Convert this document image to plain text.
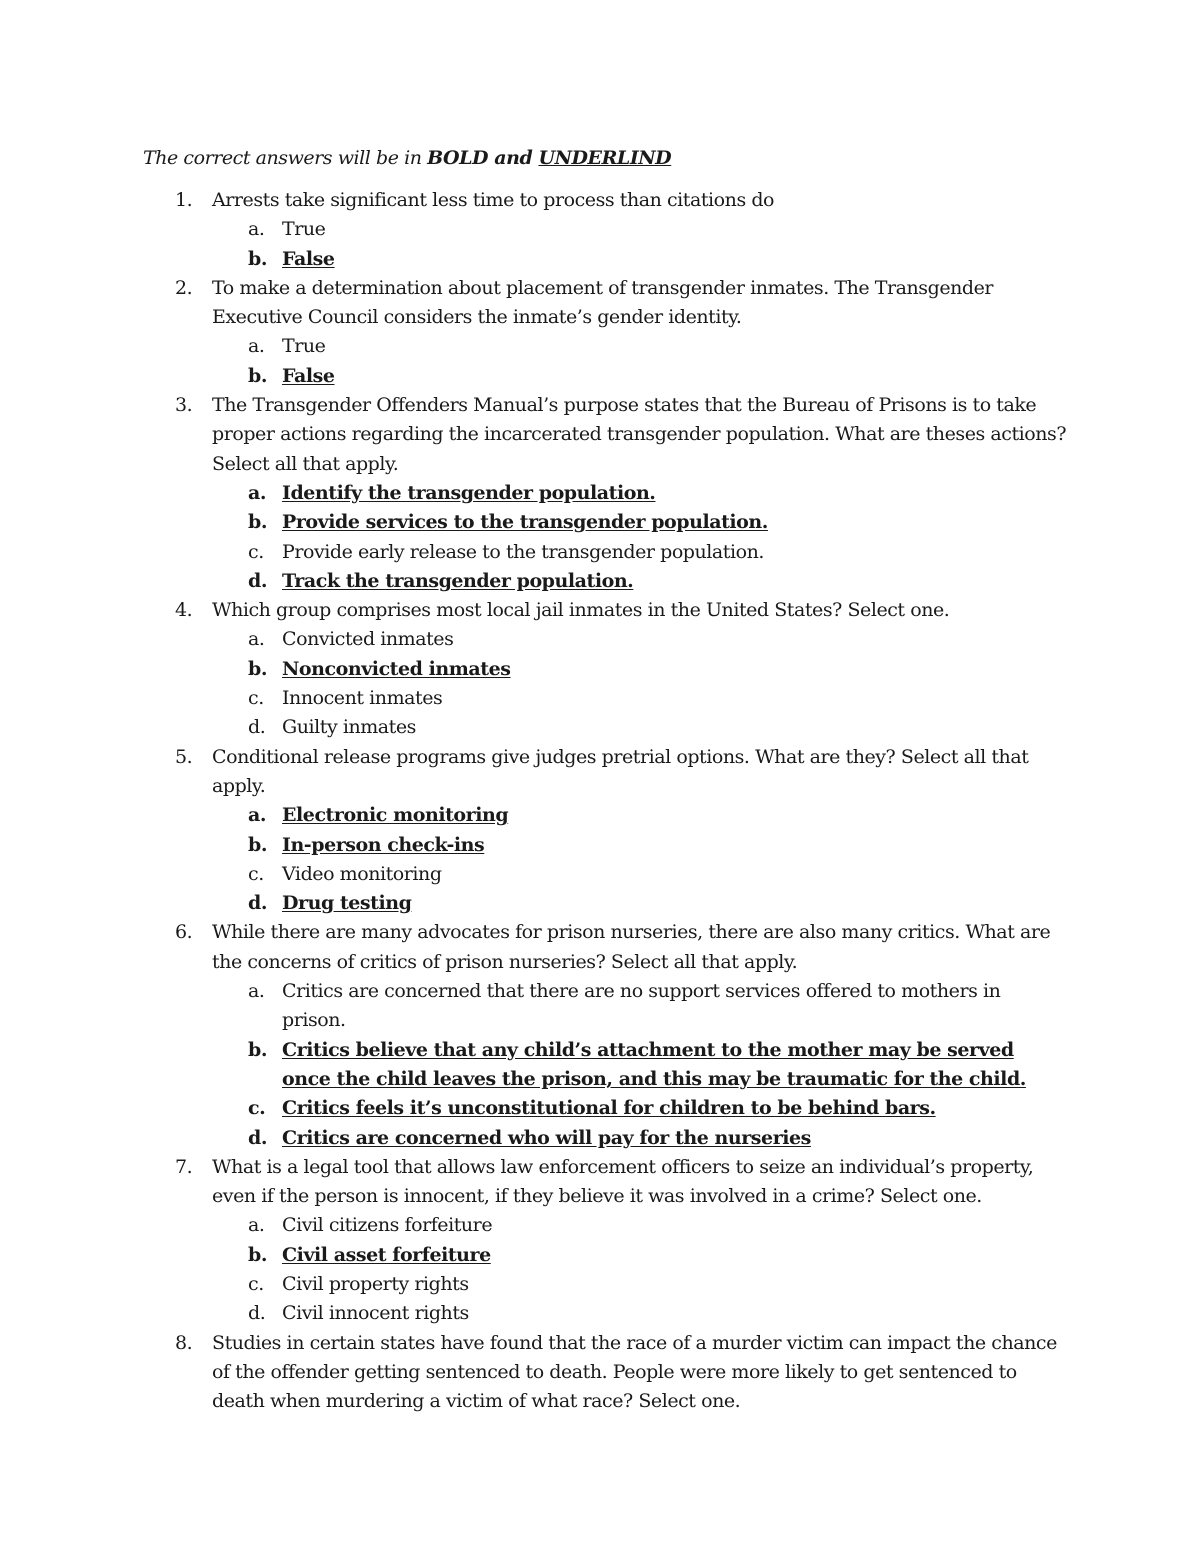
The correct answers will be in BOLD and UNDERLIND
1. Arrests take significant less time to process than citations do
a. True
b. False
2. To make a determination about placement of transgender inmates. The Transgender Executive Council considers the inmate’s gender identity.
a. True
b. False
3. The Transgender Offenders Manual’s purpose states that the Bureau of Prisons is to take proper actions regarding the incarcerated transgender population. What are theses actions? Select all that apply.
a. Identify the transgender population.
b. Provide services to the transgender population.
c. Provide early release to the transgender population.
d. Track the transgender population.
4. Which group comprises most local jail inmates in the United States? Select one.
a. Convicted inmates
b. Nonconvicted inmates
c. Innocent inmates
d. Guilty inmates
5. Conditional release programs give judges pretrial options. What are they? Select all that apply.
a. Electronic monitoring
b. In-person check-ins
c. Video monitoring
d. Drug testing
6. While there are many advocates for prison nurseries, there are also many critics. What are the concerns of critics of prison nurseries? Select all that apply.
a. Critics are concerned that there are no support services offered to mothers in prison.
b. Critics believe that any child’s attachment to the mother may be served once the child leaves the prison, and this may be traumatic for the child.
c. Critics feels it’s unconstitutional for children to be behind bars.
d. Critics are concerned who will pay for the nurseries
7. What is a legal tool that allows law enforcement officers to seize an individual’s property, even if the person is innocent, if they believe it was involved in a crime? Select one.
a. Civil citizens forfeiture
b. Civil asset forfeiture
c. Civil property rights
d. Civil innocent rights
8. Studies in certain states have found that the race of a murder victim can impact the chance of the offender getting sentenced to death. People were more likely to get sentenced to death when murdering a victim of what race? Select one.
